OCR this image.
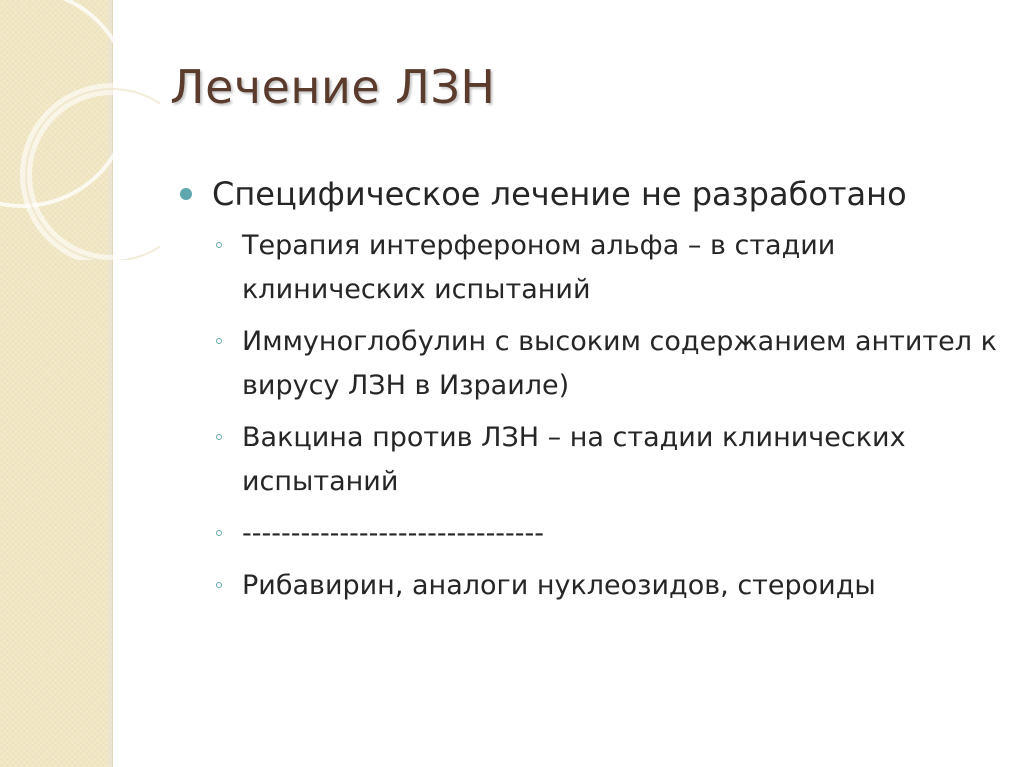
Лечение ЛЗН
Специфическое лечение не разработано
Терапия интерфероном альфа – в стадии клинических испытаний
Иммуноглобулин с высоким содержанием антител к вирусу ЛЗН в Израиле)
Вакцина против ЛЗН – на стадии клинических испытаний
-------------------------------
Рибавирин, аналоги нуклеозидов, стероиды
